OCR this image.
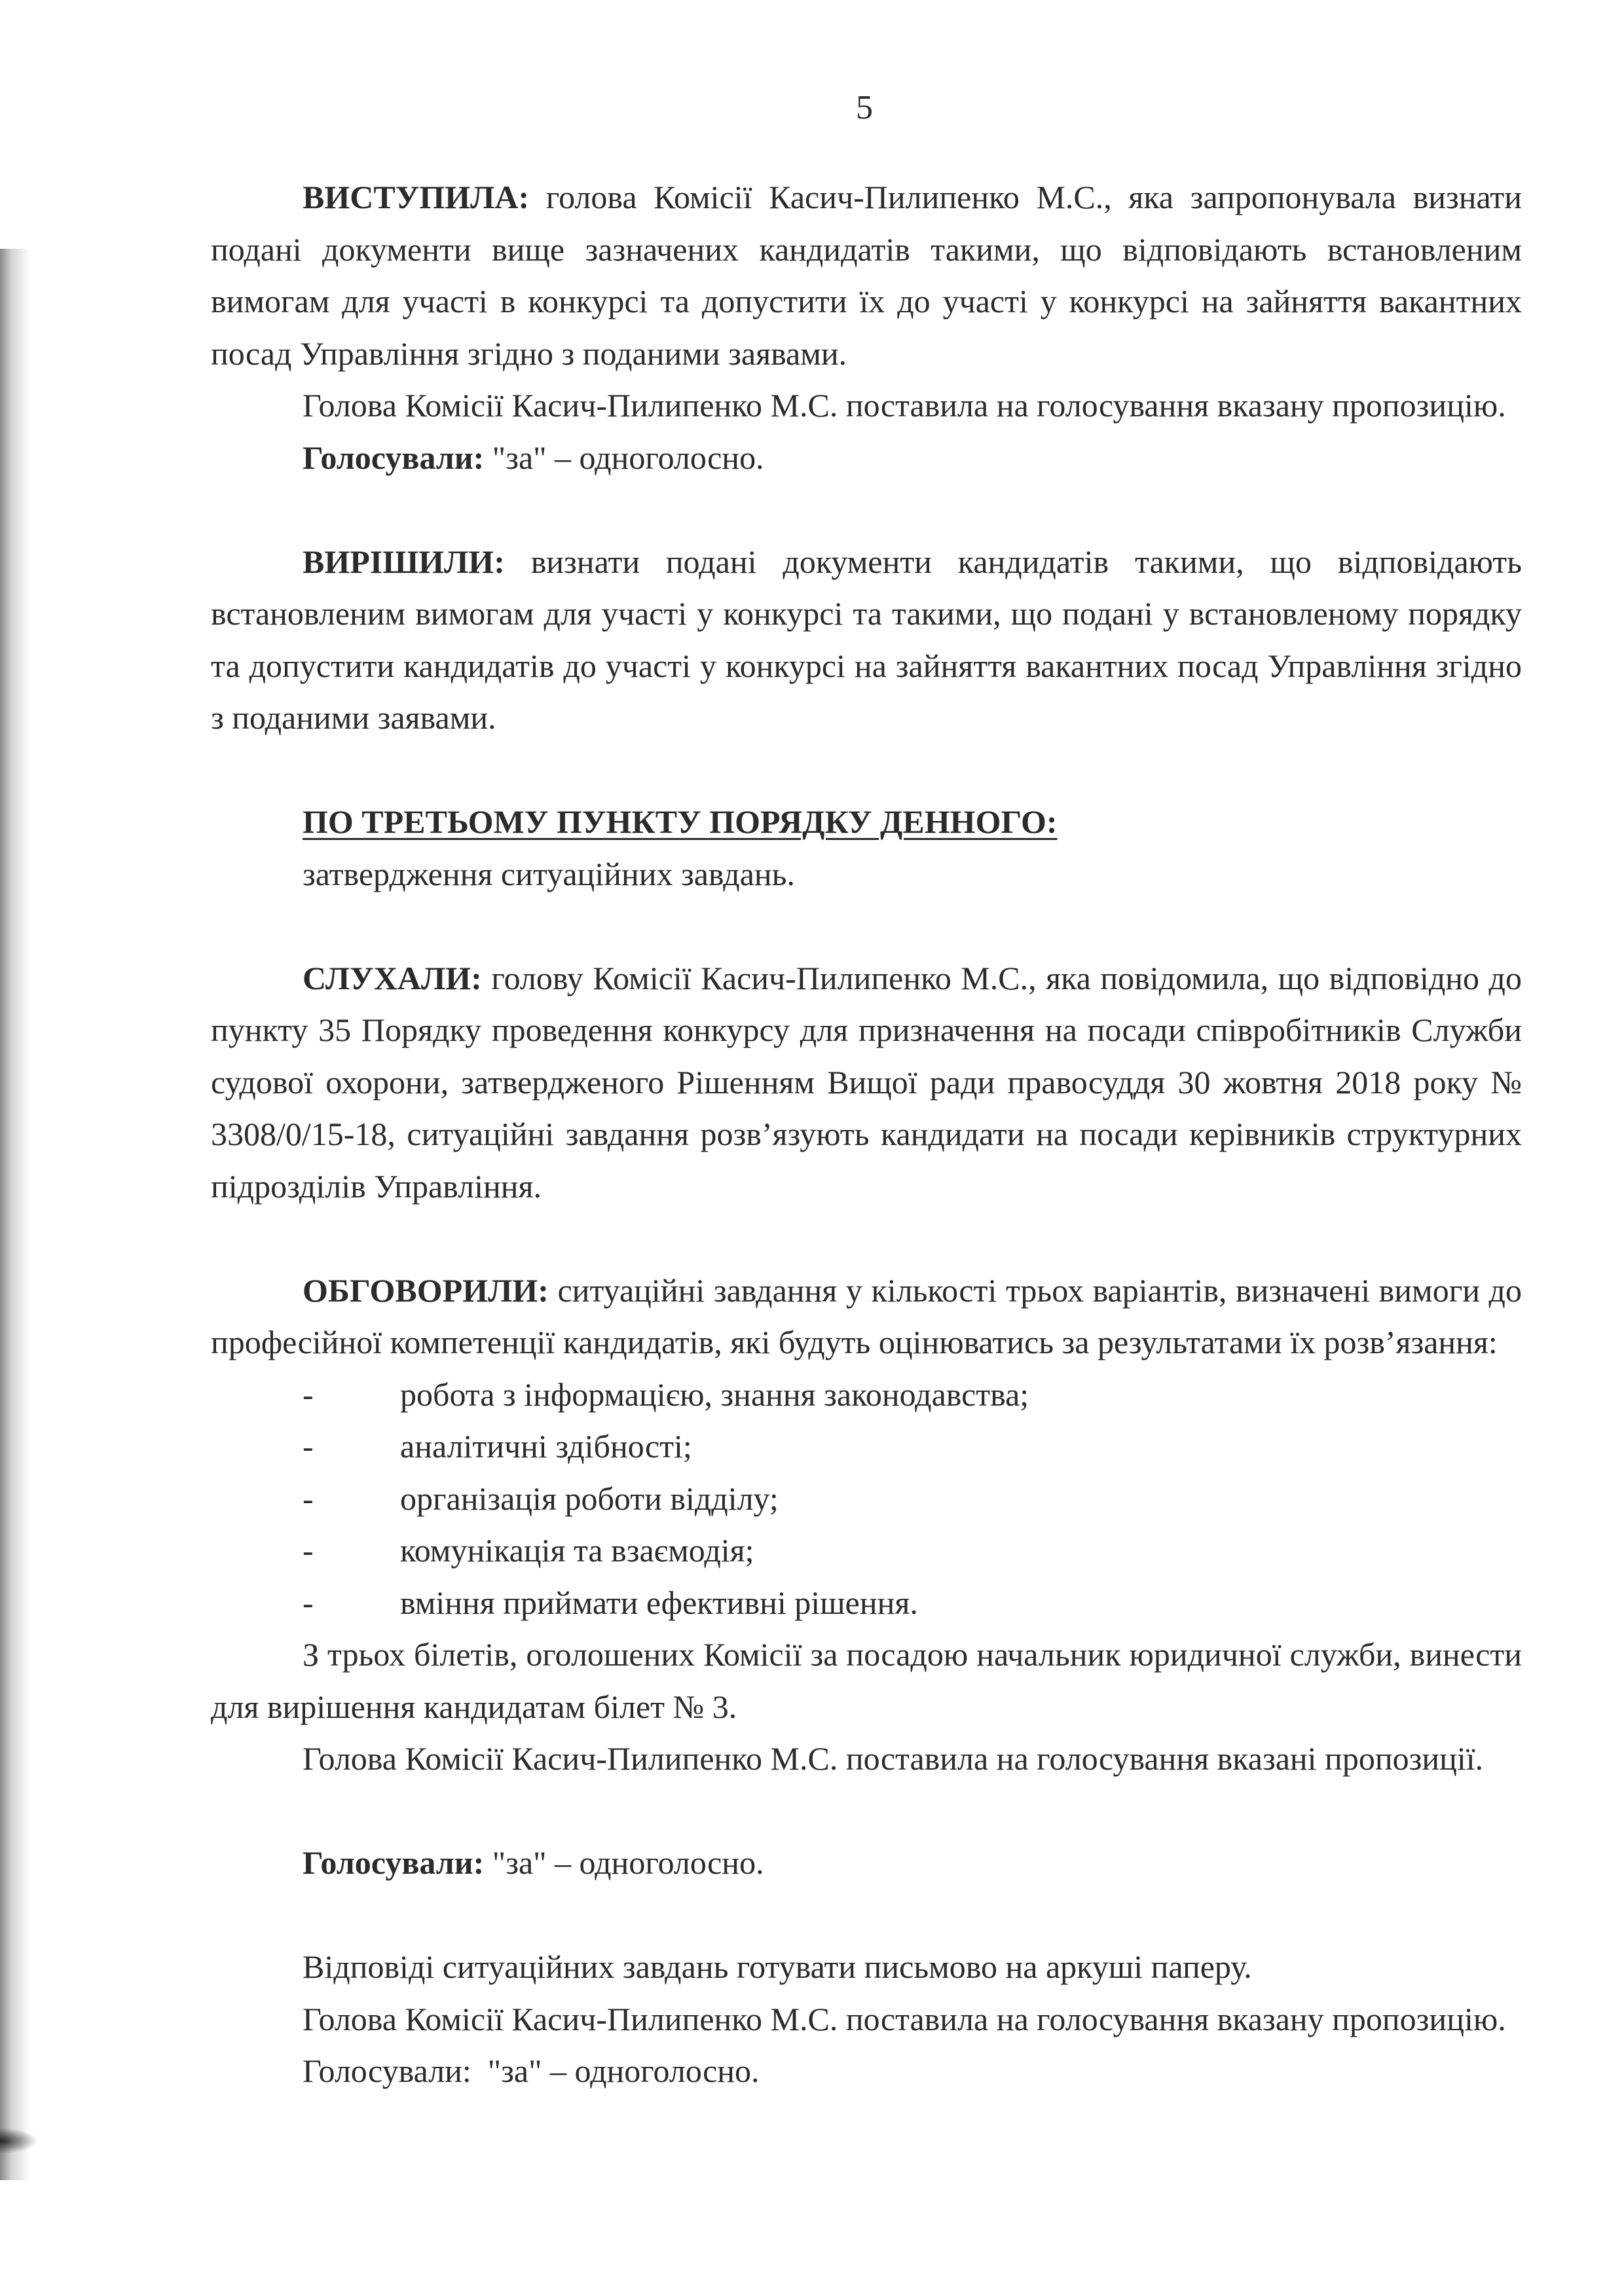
5

ВИСТУПИЛА: голова Комісії Касич-Пилипенко М.С., яка запропонувала визнати подані документи вище зазначених кандидатів такими, що відповідають встановленим вимогам для участі в конкурсі та допустити їх до участі у конкурсі на зайняття вакантних посад Управління згідно з поданими заявами.

Голова Комісії Касич-Пилипенко М.С. поставила на голосування вказану пропозицію.

Голосували: "за" – одноголосно.

ВИРІШИЛИ: визнати подані документи кандидатів такими, що відповідають встановленим вимогам для участі у конкурсі та такими, що подані у встановленому порядку та допустити кандидатів до участі у конкурсі на зайняття вакантних посад Управління згідно з поданими заявами.

ПО ТРЕТЬОМУ ПУНКТУ ПОРЯДКУ ДЕННОГО:

затвердження ситуаційних завдань.

СЛУХАЛИ: голову Комісії Касич-Пилипенко М.С., яка повідомила, що відповідно до пункту 35 Порядку проведення конкурсу для призначення на посади співробітників Служби судової охорони, затвердженого Рішенням Вищої ради правосуддя 30 жовтня 2018 року № 3308/0/15-18, ситуаційні завдання розв’язують кандидати на посади керівників структурних підрозділів Управління.

ОБГОВОРИЛИ: ситуаційні завдання у кількості трьох варіантів, визначені вимоги до професійної компетенції кандидатів, які будуть оцінюватись за результатами їх розв’язання:

-	робота з інформацією, знання законодавства;
-	аналітичні здібності;
-	організація роботи відділу;
-	комунікація та взаємодія;
-	вміння приймати ефективні рішення.

З трьох білетів, оголошених Комісії за посадою начальник юридичної служби, винести для вирішення кандидатам білет № 3.

Голова Комісії Касич-Пилипенко М.С. поставила на голосування вказані пропозиції.

Голосували: "за" – одноголосно.

Відповіді ситуаційних завдань готувати письмово на аркуші паперу.

Голова Комісії Касич-Пилипенко М.С. поставила на голосування вказану пропозицію.

Голосували:  "за" – одноголосно.
